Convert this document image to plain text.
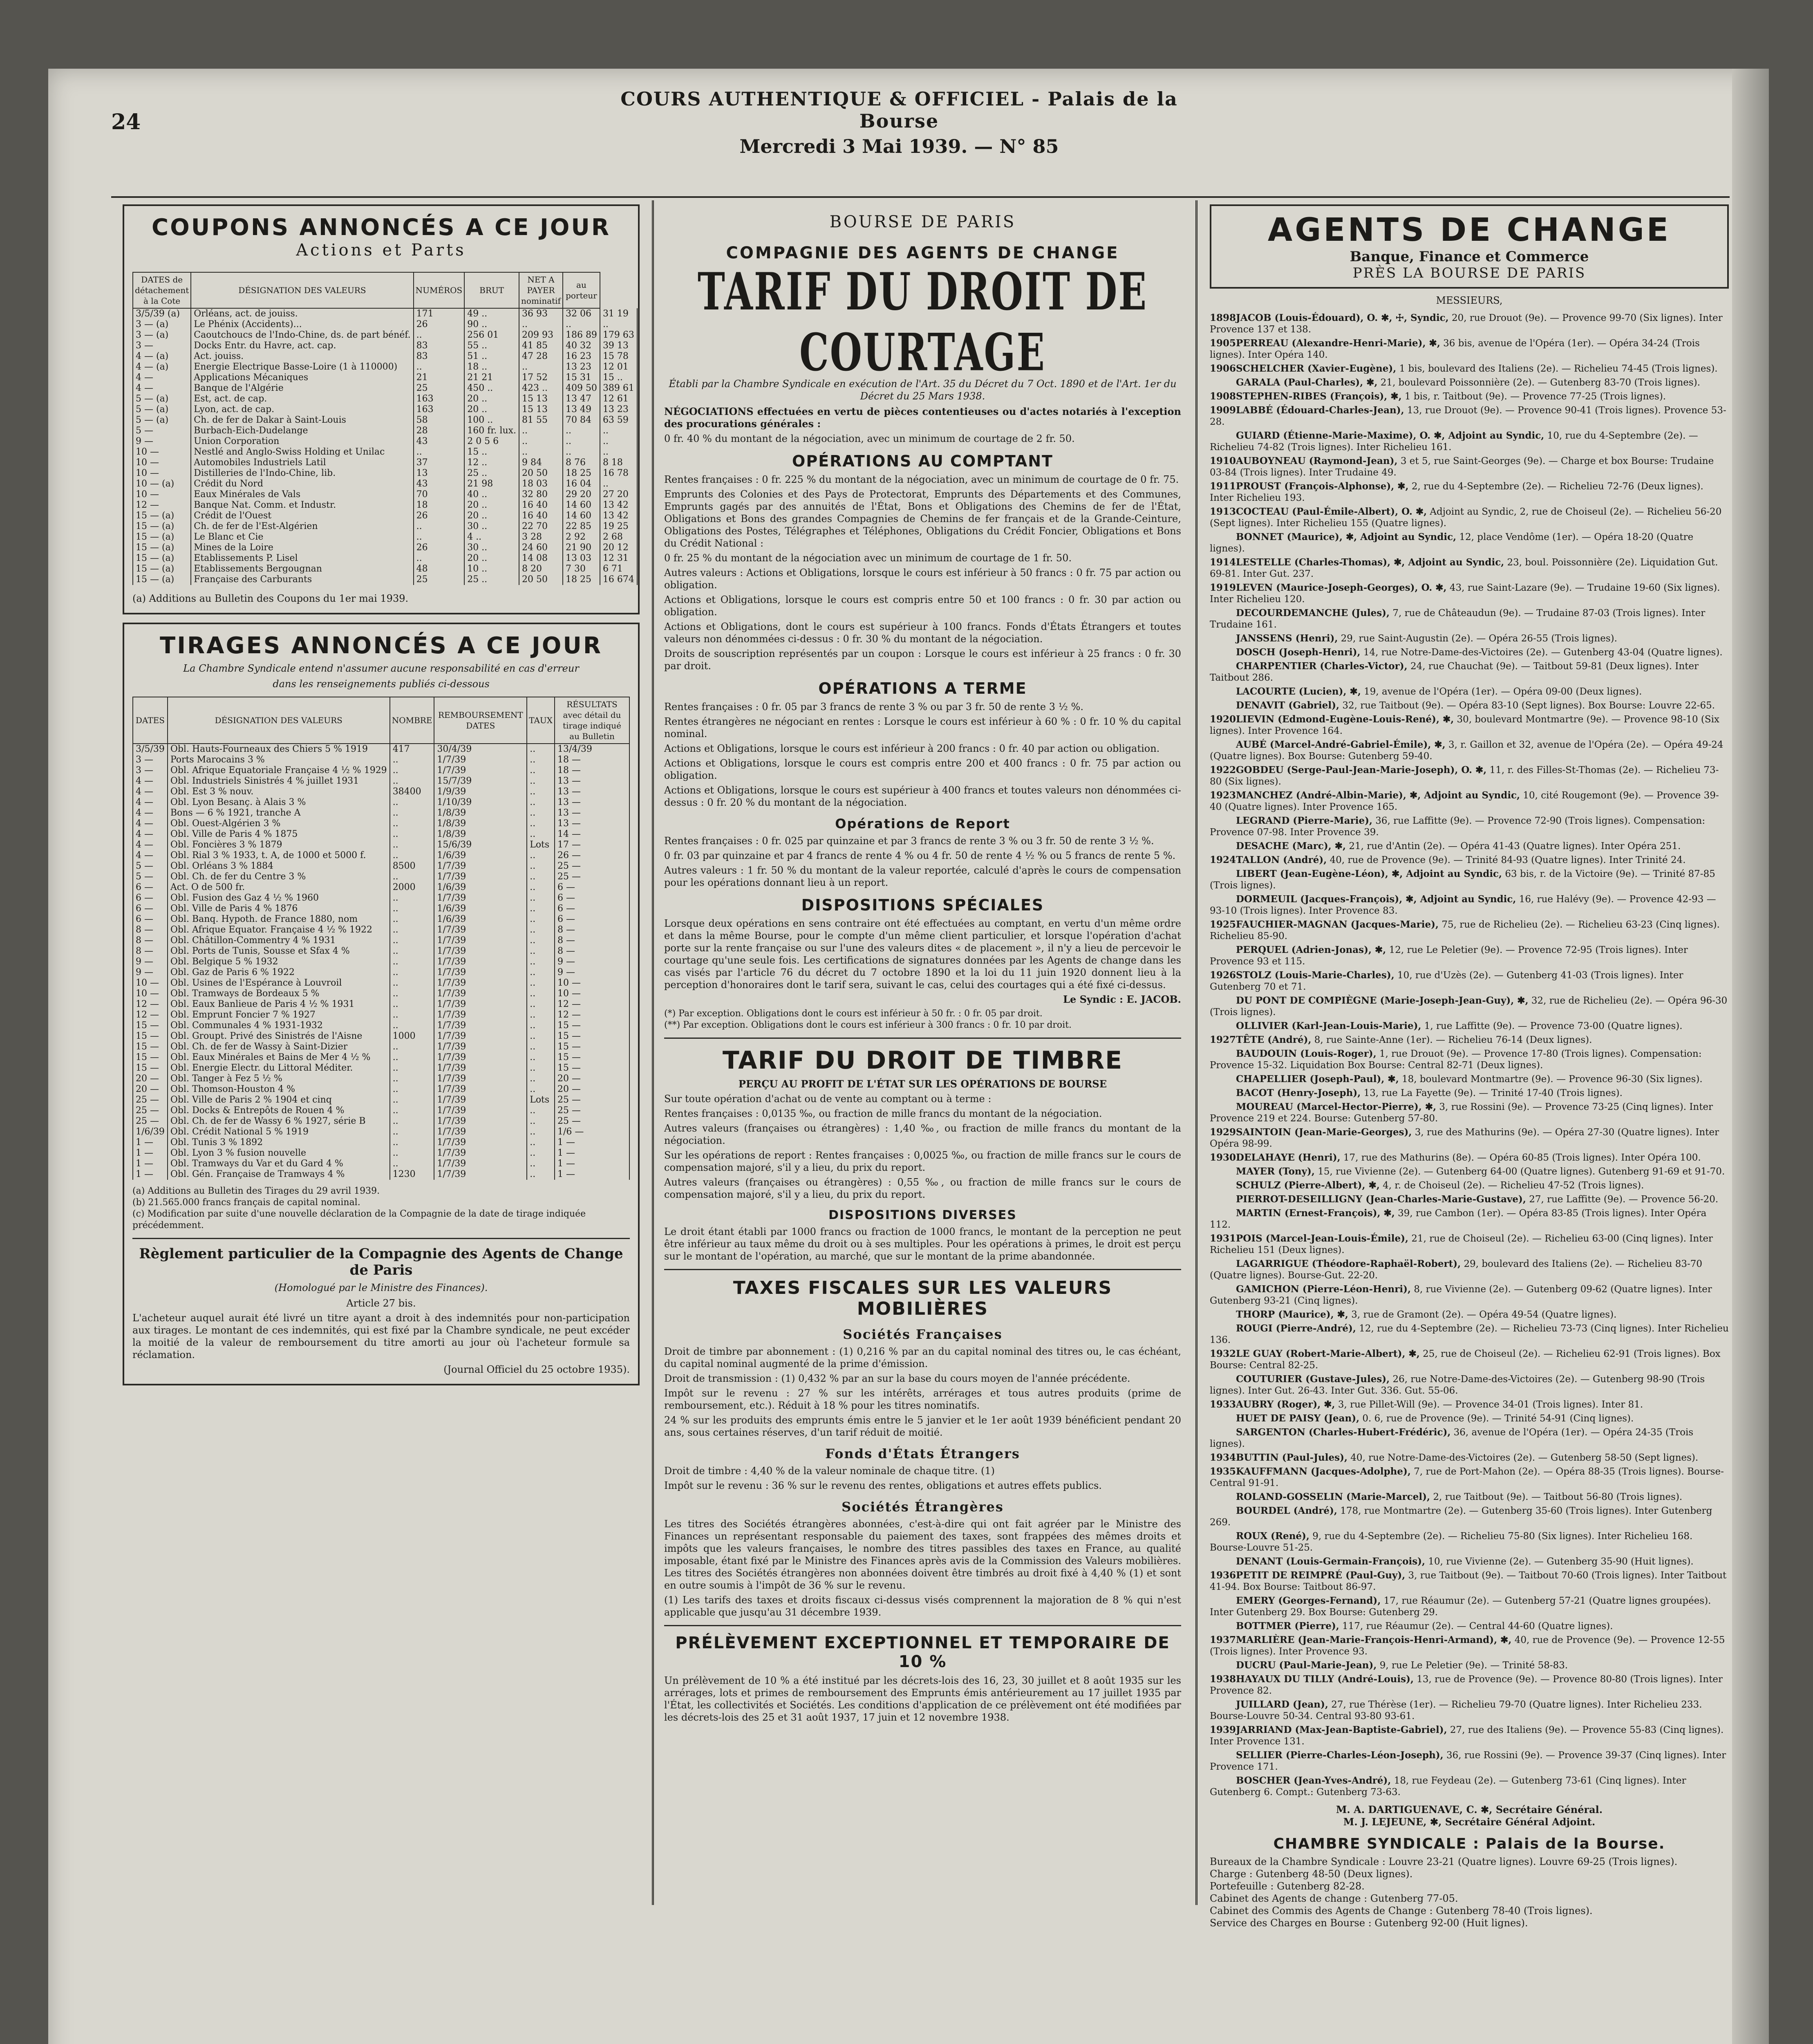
24
COURS AUTHENTIQUE & OFFICIEL - Palais de la Bourse
Mercredi 3 Mai 1939. — N° 85
COUPONS ANNONCÉS A CE JOUR
Actions et Parts
DATES de détachement à la Cote	DÉSIGNATION DES VALEURS	NUMÉROS	BRUT	NET A PAYER nominatif	au porteur	
3/5/39 (a)	Orléans, act. de jouiss.	171	49 ..	36 93	32 06	31 19
3 — (a)	Le Phénix (Accidents)...	26	90 ..	..	..	..
3 — (a)	Caoutchoucs de l'Indo-Chine, ds. de part bénéf.	..	256 01	209 93	186 89	179 63
3 —	Docks Entr. du Havre, act. cap.	83	55 ..	41 85	40 32	39 13
4 — (a)	Act. jouiss.	83	51 ..	47 28	16 23	15 78
4 — (a)	Energie Electrique Basse-Loire (1 à 110000)	..	18 ..	..	13 23	12 01
4 —	Applications Mécaniques	21	21 21	17 52	15 31	15 ..
4 —	Banque de l'Algérie	25	450 ..	423 ..	409 50	389 61
5 — (a)	Est, act. de cap.	163	20 ..	15 13	13 47	12 61
5 — (a)	Lyon, act. de cap.	163	20 ..	15 13	13 49	13 23
5 — (a)	Ch. de fer de Dakar à Saint-Louis	58	100 ..	81 55	70 84	63 59
5 —	Burbach-Eich-Dudelange	28	160 fr. lux.	..	..	..
9 —	Union Corporation	43	2 0 5 6	..	..	..
10 —	Nestlé and Anglo-Swiss Holding et Unilac	..	15 ..	..	..	..
10 —	Automobiles Industriels Latil	37	12 ..	9 84	8 76	8 18
10 —	Distilleries de l'Indo-Chine, lib.	13	25 ..	20 50	18 25	16 78
10 — (a)	Crédit du Nord	43	21 98	18 03	16 04	..
10 —	Eaux Minérales de Vals	70	40 ..	32 80	29 20	27 20
12 —	Banque Nat. Comm. et Industr.	18	20 ..	16 40	14 60	13 42
15 — (a)	Crédit de l'Ouest	26	20 ..	16 40	14 60	13 42
15 — (a)	Ch. de fer de l'Est-Algérien	..	30 ..	22 70	22 85	19 25
15 — (a)	Le Blanc et Cie	..	4 ..	3 28	2 92	2 68
15 — (a)	Mines de la Loire	26	30 ..	24 60	21 90	20 12
15 — (a)	Etablissements P. Lisel	..	20 ..	14 08	13 03	12 31
15 — (a)	Etablissements Bergougnan	48	10 ..	8 20	7 30	6 71
15 — (a)	Française des Carburants	25	25 ..	20 50	18 25	16 674
(a) Additions au Bulletin des Coupons du 1er mai 1939.
TIRAGES ANNONCÉS A CE JOUR
La Chambre Syndicale entend n'assumer aucune responsabilité en cas d'erreur
dans les renseignements publiés ci-dessous
DATES	DÉSIGNATION DES VALEURS	NOMBRE	REMBOURSEMENT DATES	TAUX	RÉSULTATS avec détail du tirage indiqué au Bulletin
3/5/39	Obl. Hauts-Fourneaux des Chiers 5 % 1919	417	30/4/39	..	13/4/39
3 —	Ports Marocains 3 %	..	1/7/39	..	18 —
3 —	Obl. Afrique Equatoriale Française 4 ½ % 1929	..	1/7/39	..	18 —
4 —	Obl. Industriels Sinistrés 4 % juillet 1931	..	15/7/39	..	13 —
4 —	Obl. Est 3 % nouv.	38400	1/9/39	..	13 —
4 —	Obl. Lyon Besanç. à Alais 3 %	..	1/10/39	..	13 —
4 —	Bons — 6 % 1921, tranche A	..	1/8/39	..	13 —
4 —	Obl. Ouest-Algérien 3 %	..	1/8/39	..	13 —
4 —	Obl. Ville de Paris 4 % 1875	..	1/8/39	..	14 —
4 —	Obl. Foncières 3 % 1879	..	15/6/39	Lots	17 —
4 —	Obl. Rial 3 % 1933, t. A, de 1000 et 5000 f.	..	1/6/39	..	26 —
5 —	Obl. Orléans 3 % 1884	8500	1/7/39	..	25 —
5 —	Obl. Ch. de fer du Centre 3 %	..	1/7/39	..	25 —
6 —	Act. O de 500 fr.	2000	1/6/39	..	6 —
6 —	Obl. Fusion des Gaz 4 ½ % 1960	..	1/7/39	..	6 —
6 —	Obl. Ville de Paris 4 % 1876	..	1/6/39	..	6 —
6 —	Obl. Banq. Hypoth. de France 1880, nom	..	1/6/39	..	6 —
8 —	Obl. Afrique Equator. Française 4 ½ % 1922	..	1/7/39	..	8 —
8 —	Obl. Châtillon-Commentry 4 % 1931	..	1/7/39	..	8 —
8 —	Obl. Ports de Tunis, Sousse et Sfax 4 %	..	1/7/39	..	8 —
9 —	Obl. Belgique 5 % 1932	..	1/7/39	..	9 —
9 —	Obl. Gaz de Paris 6 % 1922	..	1/7/39	..	9 —
10 —	Obl. Usines de l'Espérance à Louvroil	..	1/7/39	..	10 —
10 —	Obl. Tramways de Bordeaux 5 %	..	1/7/39	..	10 —
12 —	Obl. Eaux Banlieue de Paris 4 ½ % 1931	..	1/7/39	..	12 —
12 —	Obl. Emprunt Foncier 7 % 1927	..	1/7/39	..	12 —
15 —	Obl. Communales 4 % 1931-1932	..	1/7/39	..	15 —
15 —	Obl. Groupt. Privé des Sinistrés de l'Aisne	1000	1/7/39	..	15 —
15 —	Obl. Ch. de fer de Wassy à Saint-Dizier	..	1/7/39	..	15 —
15 —	Obl. Eaux Minérales et Bains de Mer 4 ½ %	..	1/7/39	..	15 —
15 —	Obl. Energie Electr. du Littoral Méditer.	..	1/7/39	..	15 —
20 —	Obl. Tanger à Fez 5 ½ %	..	1/7/39	..	20 —
20 —	Obl. Thomson-Houston 4 %	..	1/7/39	..	20 —
25 —	Obl. Ville de Paris 2 % 1904 et cinq	..	1/7/39	Lots	25 —
25 —	Obl. Docks & Entrepôts de Rouen 4 %	..	1/7/39	..	25 —
25 —	Obl. Ch. de fer de Wassy 6 % 1927, série B	..	1/7/39	..	25 —
1/6/39	Obl. Crédit National 5 % 1919	..	1/7/39	..	1/6 —
1 —	Obl. Tunis 3 % 1892	..	1/7/39	..	1 —
1 —	Obl. Lyon 3 % fusion nouvelle	..	1/7/39	..	1 —
1 —	Obl. Tramways du Var et du Gard 4 %	..	1/7/39	..	1 —
1 —	Obl. Gén. Française de Tramways 4 %	1230	1/7/39	..	1 —
(a) Additions au Bulletin des Tirages du 29 avril 1939.
(b) 21.565.000 francs français de capital nominal.
(c) Modification par suite d'une nouvelle déclaration de la Compagnie de la date de tirage indiquée précédemment.
Règlement particulier de la Compagnie des Agents de Change de Paris
(Homologué par le Ministre des Finances).
Article 27 bis.
L'acheteur auquel aurait été livré un titre ayant a droit à des indemnités pour non-participation aux tirages. Le montant de ces indemnités, qui est fixé par la Chambre syndicale, ne peut excéder la moitié de la valeur de remboursement du titre amorti au jour où l'acheteur formule sa réclamation.
(Journal Officiel du 25 octobre 1935).
BOURSE DE PARIS
COMPAGNIE DES AGENTS DE CHANGE
TARIF DU DROIT DE COURTAGE
Établi par la Chambre Syndicale en exécution de l'Art. 35 du Décret du 7 Oct. 1890 et de l'Art. 1er du Décret du 25 Mars 1938.
NÉGOCIATIONS effectuées en vertu de pièces contentieuses ou d'actes notariés à l'exception des procurations générales :
0 fr. 40 % du montant de la négociation, avec un minimum de courtage de 2 fr. 50.
OPÉRATIONS AU COMPTANT
Rentes françaises : 0 fr. 225 % du montant de la négociation, avec un minimum de courtage de 0 fr. 75.
Emprunts des Colonies et des Pays de Protectorat, Emprunts des Départements et des Communes, Emprunts gagés par des annuités de l'État, Bons et Obligations des Chemins de fer de l'État, Obligations et Bons des grandes Compagnies de Chemins de fer français et de la Grande-Ceinture, Obligations des Postes, Télégraphes et Téléphones, Obligations du Crédit Foncier, Obligations et Bons du Crédit National :
0 fr. 25 % du montant de la négociation avec un minimum de courtage de 1 fr. 50.
Autres valeurs : Actions et Obligations, lorsque le cours est inférieur à 50 francs : 0 fr. 75 par action ou obligation.
Actions et Obligations, lorsque le cours est compris entre 50 et 100 francs : 0 fr. 30 par action ou obligation.
Actions et Obligations, dont le cours est supérieur à 100 francs. Fonds d'États Étrangers et toutes valeurs non dénommées ci-dessus : 0 fr. 30 % du montant de la négociation.
Droits de souscription représentés par un coupon : Lorsque le cours est inférieur à 25 francs : 0 fr. 30 par droit.
OPÉRATIONS A TERME
Rentes françaises : 0 fr. 05 par 3 francs de rente 3 % ou par 3 fr. 50 de rente 3 ½ %.
Rentes étrangères ne négociant en rentes : Lorsque le cours est inférieur à 60 % : 0 fr. 10 % du capital nominal.
Actions et Obligations, lorsque le cours est inférieur à 200 francs : 0 fr. 40 par action ou obligation.
Actions et Obligations, lorsque le cours est compris entre 200 et 400 francs : 0 fr. 75 par action ou obligation.
Actions et Obligations, lorsque le cours est supérieur à 400 francs et toutes valeurs non dénommées ci-dessus : 0 fr. 20 % du montant de la négociation.
Opérations de Report
Rentes françaises : 0 fr. 025 par quinzaine et par 3 francs de rente 3 % ou 3 fr. 50 de rente 3 ½ %.
0 fr. 03 par quinzaine et par 4 francs de rente 4 % ou 4 fr. 50 de rente 4 ½ % ou 5 francs de rente 5 %.
Autres valeurs : 1 fr. 50 % du montant de la valeur reportée, calculé d'après le cours de compensation pour les opérations donnant lieu à un report.
DISPOSITIONS SPÉCIALES
Lorsque deux opérations en sens contraire ont été effectuées au comptant, en vertu d'un même ordre et dans la même Bourse, pour le compte d'un même client particulier, et lorsque l'opération d'achat porte sur la rente française ou sur l'une des valeurs dites « de placement », il n'y a lieu de percevoir le courtage qu'une seule fois. Les certifications de signatures données par les Agents de change dans les cas visés par l'article 76 du décret du 7 octobre 1890 et la loi du 11 juin 1920 donnent lieu à la perception d'honoraires dont le tarif sera, suivant le cas, celui des courtages qui a été fixé ci-dessus.
Le Syndic : E. JACOB.
(*) Par exception. Obligations dont le cours est inférieur à 50 fr. : 0 fr. 05 par droit.
(**) Par exception. Obligations dont le cours est inférieur à 300 francs : 0 fr. 10 par droit.
TARIF DU DROIT DE TIMBRE
PERÇU AU PROFIT DE L'ÉTAT SUR LES OPÉRATIONS DE BOURSE
Sur toute opération d'achat ou de vente au comptant ou à terme :
Rentes françaises : 0,0135 ‰, ou fraction de mille francs du montant de la négociation.
Autres valeurs (françaises ou étrangères) : 1,40 ‰, ou fraction de mille francs du montant de la négociation.
Sur les opérations de report : Rentes françaises : 0,0025 ‰, ou fraction de mille francs sur le cours de compensation majoré, s'il y a lieu, du prix du report.
Autres valeurs (françaises ou étrangères) : 0,55 ‰, ou fraction de mille francs sur le cours de compensation majoré, s'il y a lieu, du prix du report.
DISPOSITIONS DIVERSES
Le droit étant établi par 1000 francs ou fraction de 1000 francs, le montant de la perception ne peut être inférieur au taux même du droit ou à ses multiples. Pour les opérations à primes, le droit est perçu sur le montant de l'opération, au marché, que sur le montant de la prime abandonnée.
TAXES FISCALES SUR LES VALEURS MOBILIÈRES
Sociétés Françaises
Droit de timbre par abonnement : (1) 0,216 % par an du capital nominal des titres ou, le cas échéant, du capital nominal augmenté de la prime d'émission.
Droit de transmission : (1) 0,432 % par an sur la base du cours moyen de l'année précédente.
Impôt sur le revenu : 27 % sur les intérêts, arrérages et tous autres produits (prime de remboursement, etc.). Réduit à 18 % pour les titres nominatifs.
24 % sur les produits des emprunts émis entre le 5 janvier et le 1er août 1939 bénéficient pendant 20 ans, sous certaines réserves, d'un tarif réduit de moitié.
Fonds d'États Étrangers
Droit de timbre : 4,40 % de la valeur nominale de chaque titre. (1)
Impôt sur le revenu : 36 % sur le revenu des rentes, obligations et autres effets publics.
Sociétés Étrangères
Les titres des Sociétés étrangères abonnées, c'est-à-dire qui ont fait agréer par le Ministre des Finances un représentant responsable du paiement des taxes, sont frappées des mêmes droits et impôts que les valeurs françaises, le nombre des titres passibles des taxes en France, au qualité imposable, étant fixé par le Ministre des Finances après avis de la Commission des Valeurs mobilières. Les titres des Sociétés étrangères non abonnées doivent être timbrés au droit fixé à 4,40 % (1) et sont en outre soumis à l'impôt de 36 % sur le revenu.
(1) Les tarifs des taxes et droits fiscaux ci-dessus visés comprennent la majoration de 8 % qui n'est applicable que jusqu'au 31 décembre 1939.
PRÉLÈVEMENT EXCEPTIONNEL ET TEMPORAIRE DE 10 %
Un prélèvement de 10 % a été institué par les décrets-lois des 16, 23, 30 juillet et 8 août 1935 sur les arrérages, lots et primes de remboursement des Emprunts émis antérieurement au 17 juillet 1935 par l'État, les collectivités et Sociétés. Les conditions d'application de ce prélèvement ont été modifiées par les décrets-lois des 25 et 31 août 1937, 17 juin et 12 novembre 1938.
AGENTS DE CHANGE
Banque, Finance et Commerce
PRÈS LA BOURSE DE PARIS
MESSIEURS,
1898JACOB (Louis-Édouard), O. ✱, ☩, Syndic, 20, rue Drouot (9e). — Provence 99-70 (Six lignes). Inter Provence 137 et 138.
1905PERREAU (Alexandre-Henri-Marie), ✱, 36 bis, avenue de l'Opéra (1er). — Opéra 34-24 (Trois lignes). Inter Opéra 140.
1906SCHELCHER (Xavier-Eugène), 1 bis, boulevard des Italiens (2e). — Richelieu 74-45 (Trois lignes).
GARALA (Paul-Charles), ✱, 21, boulevard Poissonnière (2e). — Gutenberg 83-70 (Trois lignes).
1908STEPHEN-RIBES (François), ✱, 1 bis, r. Taitbout (9e). — Provence 77-25 (Trois lignes).
1909LABBÉ (Édouard-Charles-Jean), 13, rue Drouot (9e). — Provence 90-41 (Trois lignes). Provence 53-28.
GUIARD (Étienne-Marie-Maxime), O. ✱, Adjoint au Syndic, 10, rue du 4-Septembre (2e). — Richelieu 74-82 (Trois lignes). Inter Richelieu 161.
1910AUBOYNEAU (Raymond-Jean), 3 et 5, rue Saint-Georges (9e). — Charge et box Bourse: Trudaine 03-84 (Trois lignes). Inter Trudaine 49.
1911PROUST (François-Alphonse), ✱, 2, rue du 4-Septembre (2e). — Richelieu 72-76 (Deux lignes). Inter Richelieu 193.
1913COCTEAU (Paul-Émile-Albert), O. ✱, Adjoint au Syndic, 2, rue de Choiseul (2e). — Richelieu 56-20 (Sept lignes). Inter Richelieu 155 (Quatre lignes).
BONNET (Maurice), ✱, Adjoint au Syndic, 12, place Vendôme (1er). — Opéra 18-20 (Quatre lignes).
1914LESTELLE (Charles-Thomas), ✱, Adjoint au Syndic, 23, boul. Poissonnière (2e). Liquidation Gut. 69-81. Inter Gut. 237.
1919LEVEN (Maurice-Joseph-Georges), O. ✱, 43, rue Saint-Lazare (9e). — Trudaine 19-60 (Six lignes). Inter Richelieu 120.
DECOURDEMANCHE (Jules), 7, rue de Châteaudun (9e). — Trudaine 87-03 (Trois lignes). Inter Trudaine 161.
JANSSENS (Henri), 29, rue Saint-Augustin (2e). — Opéra 26-55 (Trois lignes).
DOSCH (Joseph-Henri), 14, rue Notre-Dame-des-Victoires (2e). — Gutenberg 43-04 (Quatre lignes).
CHARPENTIER (Charles-Victor), 24, rue Chauchat (9e). — Taitbout 59-81 (Deux lignes). Inter Taitbout 286.
LACOURTE (Lucien), ✱, 19, avenue de l'Opéra (1er). — Opéra 09-00 (Deux lignes).
DENAVIT (Gabriel), 32, rue Taitbout (9e). — Opéra 83-10 (Sept lignes). Box Bourse: Louvre 22-65.
1920LIEVIN (Edmond-Eugène-Louis-René), ✱, 30, boulevard Montmartre (9e). — Provence 98-10 (Six lignes). Inter Provence 164.
AUBÉ (Marcel-André-Gabriel-Émile), ✱, 3, r. Gaillon et 32, avenue de l'Opéra (2e). — Opéra 49-24 (Quatre lignes). Box Bourse: Gutenberg 59-40.
1922GOBDEU (Serge-Paul-Jean-Marie-Joseph), O. ✱, 11, r. des Filles-St-Thomas (2e). — Richelieu 73-80 (Six lignes).
1923MANCHEZ (André-Albin-Marie), ✱, Adjoint au Syndic, 10, cité Rougemont (9e). — Provence 39-40 (Quatre lignes). Inter Provence 165.
LEGRAND (Pierre-Marie), 36, rue Laffitte (9e). — Provence 72-90 (Trois lignes). Compensation: Provence 07-98. Inter Provence 39.
DESACHE (Marc), ✱, 21, rue d'Antin (2e). — Opéra 41-43 (Quatre lignes). Inter Opéra 251.
1924TALLON (André), 40, rue de Provence (9e). — Trinité 84-93 (Quatre lignes). Inter Trinité 24.
LIBERT (Jean-Eugène-Léon), ✱, Adjoint au Syndic, 63 bis, r. de la Victoire (9e). — Trinité 87-85 (Trois lignes).
DORMEUIL (Jacques-François), ✱, Adjoint au Syndic, 16, rue Halévy (9e). — Provence 42-93 — 93-10 (Trois lignes). Inter Provence 83.
1925FAUCHIER-MAGNAN (Jacques-Marie), 75, rue de Richelieu (2e). — Richelieu 63-23 (Cinq lignes). Richelieu 85-90.
PERQUEL (Adrien-Jonas), ✱, 12, rue Le Peletier (9e). — Provence 72-95 (Trois lignes). Inter Provence 93 et 115.
1926STOLZ (Louis-Marie-Charles), 10, rue d'Uzès (2e). — Gutenberg 41-03 (Trois lignes). Inter Gutenberg 70 et 71.
DU PONT DE COMPIÈGNE (Marie-Joseph-Jean-Guy), ✱, 32, rue de Richelieu (2e). — Opéra 96-30 (Trois lignes).
OLLIVIER (Karl-Jean-Louis-Marie), 1, rue Laffitte (9e). — Provence 73-00 (Quatre lignes).
1927TÊTE (André), 8, rue Sainte-Anne (1er). — Richelieu 76-14 (Deux lignes).
BAUDOUIN (Louis-Roger), 1, rue Drouot (9e). — Provence 17-80 (Trois lignes). Compensation: Provence 15-32. Liquidation Box Bourse: Central 82-71 (Deux lignes).
CHAPELLIER (Joseph-Paul), ✱, 18, boulevard Montmartre (9e). — Provence 96-30 (Six lignes).
BACOT (Henry-Joseph), 13, rue La Fayette (9e). — Trinité 17-40 (Trois lignes).
MOUREAU (Marcel-Hector-Pierre), ✱, 3, rue Rossini (9e). — Provence 73-25 (Cinq lignes). Inter Provence 219 et 224. Bourse: Gutenberg 57-80.
1929SAINTOIN (Jean-Marie-Georges), 3, rue des Mathurins (9e). — Opéra 27-30 (Quatre lignes). Inter Opéra 98-99.
1930DELAHAYE (Henri), 17, rue des Mathurins (8e). — Opéra 60-85 (Trois lignes). Inter Opéra 100.
MAYER (Tony), 15, rue Vivienne (2e). — Gutenberg 64-00 (Quatre lignes). Gutenberg 91-69 et 91-70.
SCHULZ (Pierre-Albert), ✱, 4, r. de Choiseul (2e). — Richelieu 47-52 (Trois lignes).
PIERROT-DESEILLIGNY (Jean-Charles-Marie-Gustave), 27, rue Laffitte (9e). — Provence 56-20.
MARTIN (Ernest-François), ✱, 39, rue Cambon (1er). — Opéra 83-85 (Trois lignes). Inter Opéra 112.
1931POIS (Marcel-Jean-Louis-Émile), 21, rue de Choiseul (2e). — Richelieu 63-00 (Cinq lignes). Inter Richelieu 151 (Deux lignes).
LAGARRIGUE (Théodore-Raphaël-Robert), 29, boulevard des Italiens (2e). — Richelieu 83-70 (Quatre lignes). Bourse-Gut. 22-20.
GAMICHON (Pierre-Léon-Henri), 8, rue Vivienne (2e). — Gutenberg 09-62 (Quatre lignes). Inter Gutenberg 93-21 (Cinq lignes).
THORP (Maurice), ✱, 3, rue de Gramont (2e). — Opéra 49-54 (Quatre lignes).
ROUGI (Pierre-André), 12, rue du 4-Septembre (2e). — Richelieu 73-73 (Cinq lignes). Inter Richelieu 136.
1932LE GUAY (Robert-Marie-Albert), ✱, 25, rue de Choiseul (2e). — Richelieu 62-91 (Trois lignes). Box Bourse: Central 82-25.
COUTURIER (Gustave-Jules), 26, rue Notre-Dame-des-Victoires (2e). — Gutenberg 98-90 (Trois lignes). Inter Gut. 26-43. Inter Gut. 336. Gut. 55-06.
1933AUBRY (Roger), ✱, 3, rue Pillet-Will (9e). — Provence 34-01 (Trois lignes). Inter 81.
HUET DE PAISY (Jean), 0. 6, rue de Provence (9e). — Trinité 54-91 (Cinq lignes).
SARGENTON (Charles-Hubert-Frédéric), 36, avenue de l'Opéra (1er). — Opéra 24-35 (Trois lignes).
1934BUTTIN (Paul-Jules), 40, rue Notre-Dame-des-Victoires (2e). — Gutenberg 58-50 (Sept lignes).
1935KAUFFMANN (Jacques-Adolphe), 7, rue de Port-Mahon (2e). — Opéra 88-35 (Trois lignes). Bourse-Central 91-91.
ROLAND-GOSSELIN (Marie-Marcel), 2, rue Taitbout (9e). — Taitbout 56-80 (Trois lignes).
BOURDEL (André), 178, rue Montmartre (2e). — Gutenberg 35-60 (Trois lignes). Inter Gutenberg 269.
ROUX (René), 9, rue du 4-Septembre (2e). — Richelieu 75-80 (Six lignes). Inter Richelieu 168. Bourse-Louvre 51-25.
DENANT (Louis-Germain-François), 10, rue Vivienne (2e). — Gutenberg 35-90 (Huit lignes).
1936PETIT DE REIMPRÉ (Paul-Guy), 3, rue Taitbout (9e). — Taitbout 70-60 (Trois lignes). Inter Taitbout 41-94. Box Bourse: Taitbout 86-97.
EMERY (Georges-Fernand), 17, rue Réaumur (2e). — Gutenberg 57-21 (Quatre lignes groupées). Inter Gutenberg 29. Box Bourse: Gutenberg 29.
BOTTMER (Pierre), 117, rue Réaumur (2e). — Central 44-60 (Quatre lignes).
1937MARLIÈRE (Jean-Marie-François-Henri-Armand), ✱, 40, rue de Provence (9e). — Provence 12-55 (Trois lignes). Inter Provence 93.
DUCRU (Paul-Marie-Jean), 9, rue Le Peletier (9e). — Trinité 58-83.
1938HAYAUX DU TILLY (André-Louis), 13, rue de Provence (9e). — Provence 80-80 (Trois lignes). Inter Provence 82.
JUILLARD (Jean), 27, rue Thérèse (1er). — Richelieu 79-70 (Quatre lignes). Inter Richelieu 233. Bourse-Louvre 50-34. Central 93-80 93-61.
1939JARRIAND (Max-Jean-Baptiste-Gabriel), 27, rue des Italiens (9e). — Provence 55-83 (Cinq lignes). Inter Provence 131.
SELLIER (Pierre-Charles-Léon-Joseph), 36, rue Rossini (9e). — Provence 39-37 (Cinq lignes). Inter Provence 171.
BOSCHER (Jean-Yves-André), 18, rue Feydeau (2e). — Gutenberg 73-61 (Cinq lignes). Inter Gutenberg 6. Compt.: Gutenberg 73-63.
M. A. DARTIGUENAVE, C. ✱, Secrétaire Général.
M. J. LEJEUNE, ✱, Secrétaire Général Adjoint.
CHAMBRE SYNDICALE : Palais de la Bourse.
Bureaux de la Chambre Syndicale : Louvre 23-21 (Quatre lignes). Louvre 69-25 (Trois lignes).
Charge : Gutenberg 48-50 (Deux lignes).
Portefeuille : Gutenberg 82-28.
Cabinet des Agents de change : Gutenberg 77-05.
Cabinet des Commis des Agents de Change : Gutenberg 78-40 (Trois lignes).
Service des Charges en Bourse : Gutenberg 92-00 (Huit lignes).
